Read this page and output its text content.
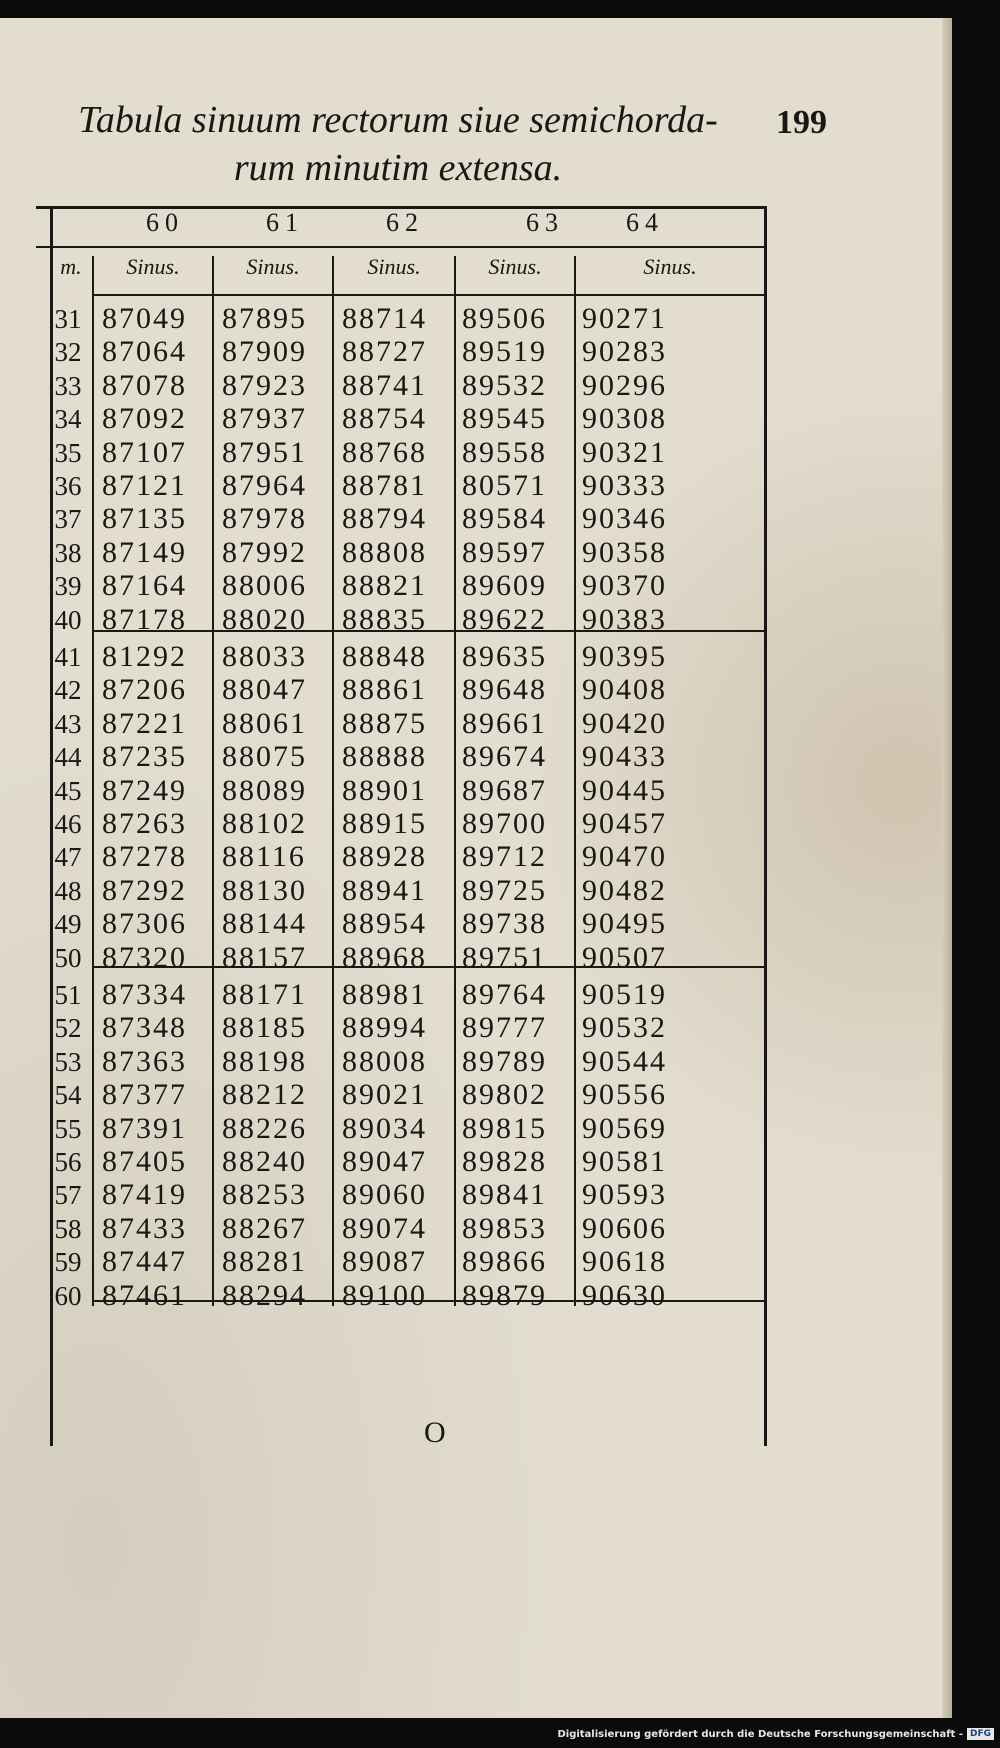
Tabula sinuum rectorum siue semichorda-
rum minutim extensa.
199
60	61	62	63 64
m.	Sinus.	Sinus.	Sinus.	Sinus.	Sinus.
31 87049 87895 88714 89506 90271
32 87064 87909 88727 89519 90283
33 87078 87923 88741 89532 90296
34 87092 87937 88754 89545 90308
35 87107 87951 88768 89558 90321
36 87121 87964 88781 80571 90333
37 87135 87978 88794 89584 90346
38 87149 87992 88808 89597 90358
39 87164 88006 88821 89609 90370
40 87178 88020 88835 89622 90383
41 81292 88033 88848 89635 90395
42 87206 88047 88861 89648 90408
43 87221 88061 88875 89661 90420
44 87235 88075 88888 89674 90433
45 87249 88089 88901 89687 90445
46 87263 88102 88915 89700 90457
47 87278 88116 88928 89712 90470
48 87292 88130 88941 89725 90482
49 87306 88144 88954 89738 90495
50 87320 88157 88968 89751 90507
51 87334 88171 88981 89764 90519
52 87348 88185 88994 89777 90532
53 87363 88198 88008 89789 90544
54 87377 88212 89021 89802 90556
55 87391 88226 89034 89815 90569
56 87405 88240 89047 89828 90581
57 87419 88253 89060 89841 90593
58 87433 88267 89074 89853 90606
59 87447 88281 89087 89866 90618
60 87461 88294 89100 89879 90630
O
Digitalisierung gefördert durch die Deutsche Forschungsgemeinschaft - DFG
